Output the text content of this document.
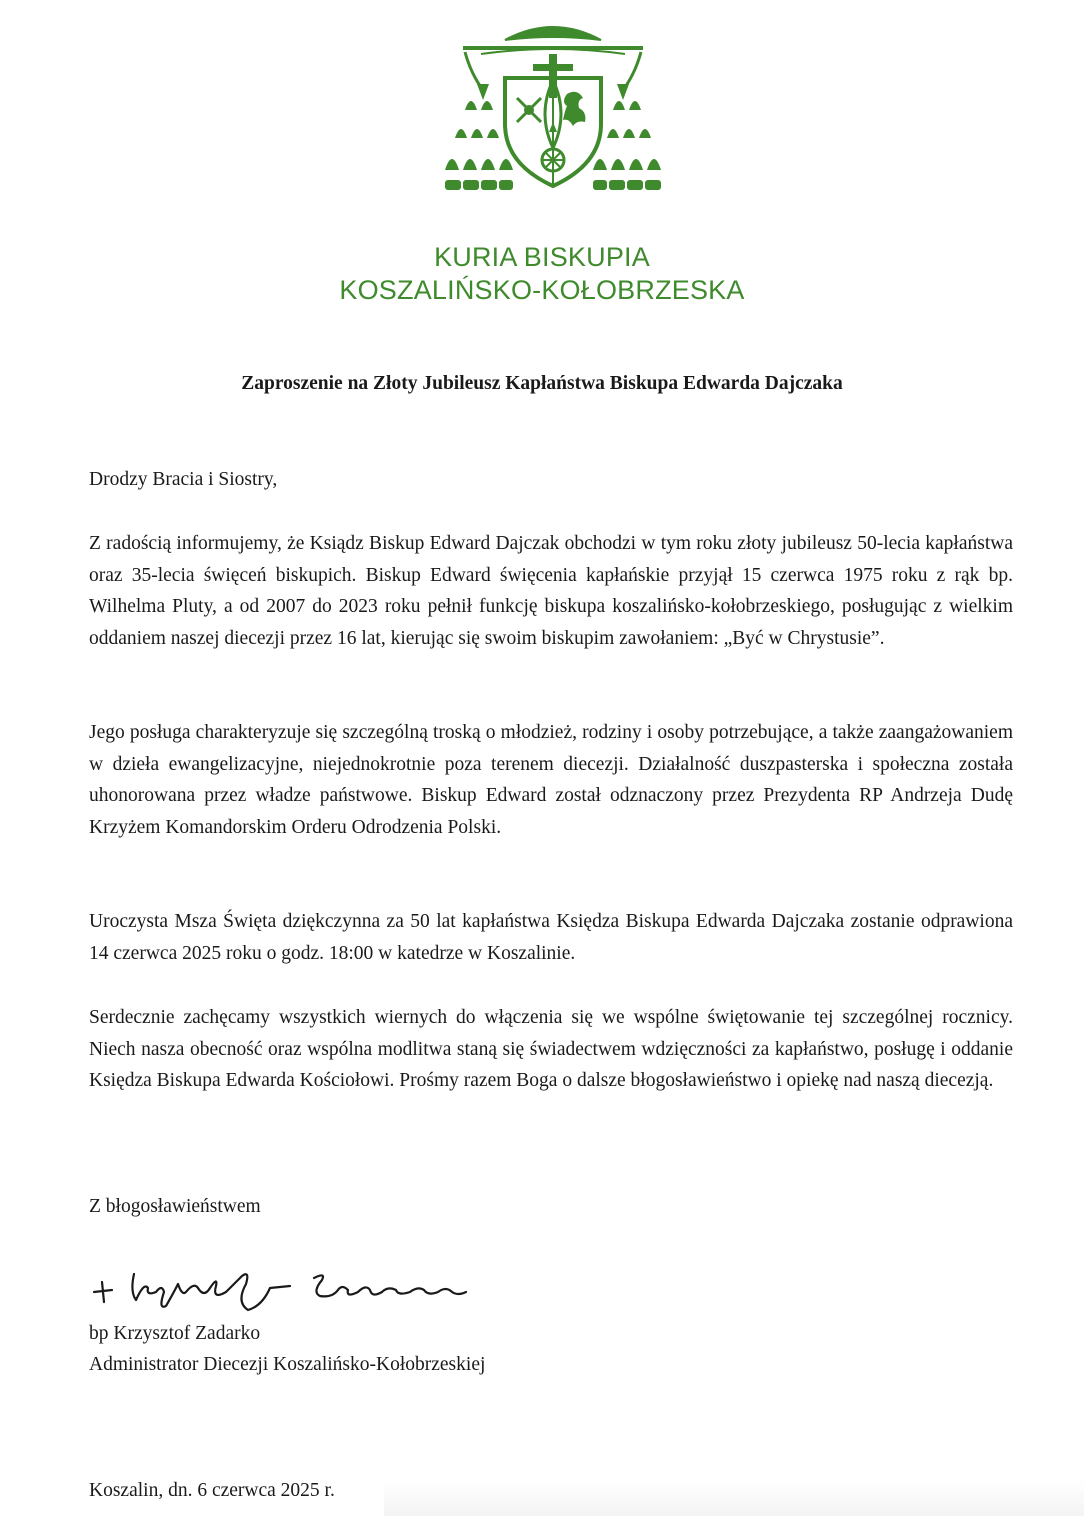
KURIA BISKUPIA
KOSZALIŃSKO-KOŁOBRZESKA
Zaproszenie na Złoty Jubileusz Kapłaństwa Biskupa Edwarda Dajczaka
Drodzy Bracia i Siostry,

Z radością informujemy, że Ksiądz Biskup Edward Dajczak obchodzi w tym roku złoty jubileusz 50-lecia kapłaństwa oraz 35-lecia święceń biskupich. Biskup Edward święcenia kapłańskie przyjął 15 czerwca 1975 roku z rąk bp. Wilhelma Pluty, a od 2007 do 2023 roku pełnił funkcję biskupa koszalińsko-kołobrzeskiego, posługując z wielkim oddaniem naszej diecezji przez 16 lat, kierując się swoim biskupim zawołaniem: „Być w Chrystusie”.

Jego posługa charakteryzuje się szczególną troską o młodzież, rodziny i osoby potrzebujące, a także zaangażowaniem w dzieła ewangelizacyjne, niejednokrotnie poza terenem diecezji. Działalność duszpasterska i społeczna została uhonorowana przez władze państwowe. Biskup Edward został odznaczony przez Prezydenta RP Andrzeja Dudę Krzyżem Komandorskim Orderu Odrodzenia Polski.

Uroczysta Msza Święta dziękczynna za 50 lat kapłaństwa Księdza Biskupa Edwarda Dajczaka zostanie odprawiona 14 czerwca 2025 roku o godz. 18:00 w katedrze w Koszalinie.

Serdecznie zachęcamy wszystkich wiernych do włączenia się we wspólne świętowanie tej szczególnej rocznicy. Niech nasza obecność oraz wspólna modlitwa staną się świadectwem wdzięczności za kapłaństwo, posługę i oddanie Księdza Biskupa Edwarda Kościołowi. Prośmy razem Boga o dalsze błogosławieństwo i opiekę nad naszą diecezją.

Z błogosławieństwem
bp Krzysztof Zadarko
Administrator Diecezji Koszalińsko-Kołobrzeskiej
Koszalin, dn. 6 czerwca 2025 r.
